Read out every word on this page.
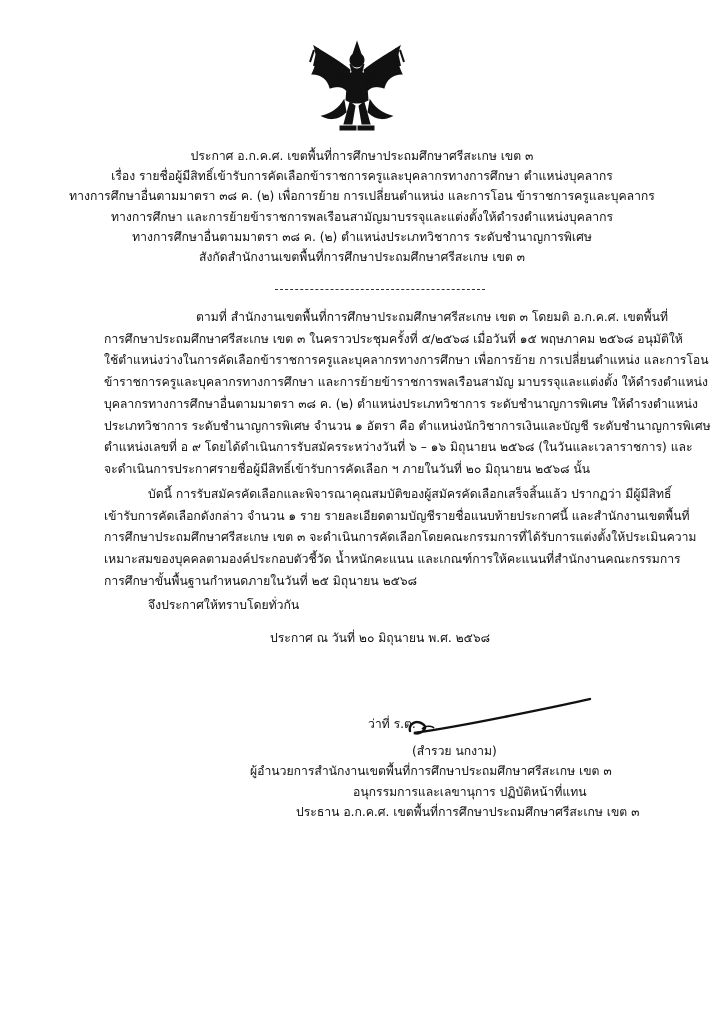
ประกาศ อ.ก.ค.ศ. เขตพื้นที่การศึกษาประถมศึกษาศรีสะเกษ เขต ๓
เรื่อง รายชื่อผู้มีสิทธิ์เข้ารับการคัดเลือกข้าราชการครูและบุคลากรทางการศึกษา ตำแหน่งบุคลากร
ทางการศึกษาอื่นตามมาตรา ๓๘ ค. (๒) เพื่อการย้าย การเปลี่ยนตำแหน่ง และการโอน ข้าราชการครูและบุคลากร
ทางการศึกษา และการย้ายข้าราชการพลเรือนสามัญมาบรรจุและแต่งตั้งให้ดำรงตำแหน่งบุคลากร
ทางการศึกษาอื่นตามมาตรา ๓๘ ค. (๒) ตำแหน่งประเภทวิชาการ ระดับชำนาญการพิเศษ
สังกัดสำนักงานเขตพื้นที่การศึกษาประถมศึกษาศรีสะเกษ เขต ๓
ตามที่ สำนักงานเขตพื้นที่การศึกษาประถมศึกษาศรีสะเกษ เขต ๓ โดยมติ อ.ก.ค.ศ. เขตพื้นที่
การศึกษาประถมศึกษาศรีสะเกษ เขต ๓ ในคราวประชุมครั้งที่ ๕/๒๕๖๘ เมื่อวันที่ ๑๕ พฤษภาคม ๒๕๖๘ อนุมัติให้
ใช้ตำแหน่งว่างในการคัดเลือกข้าราชการครูและบุคลากรทางการศึกษา เพื่อการย้าย การเปลี่ยนตำแหน่ง และการโอน
ข้าราชการครูและบุคลากรทางการศึกษา และการย้ายข้าราชการพลเรือนสามัญ มาบรรจุและแต่งตั้ง ให้ดำรงตำแหน่ง
บุคลากรทางการศึกษาอื่นตามมาตรา ๓๘ ค. (๒) ตำแหน่งประเภทวิชาการ ระดับชำนาญการพิเศษ ให้ดำรงตำแหน่ง
ประเภทวิชาการ ระดับชำนาญการพิเศษ จำนวน ๑ อัตรา คือ ตำแหน่งนักวิชาการเงินและบัญชี ระดับชำนาญการพิเศษ
ตำแหน่งเลขที่ อ ๙ โดยได้ดำเนินการรับสมัครระหว่างวันที่ ๖ – ๑๖ มิถุนายน ๒๕๖๘ (ในวันและเวลาราชการ) และ
จะดำเนินการประกาศรายชื่อผู้มีสิทธิ์เข้ารับการคัดเลือก ฯ ภายในวันที่ ๒๐ มิถุนายน ๒๕๖๘ นั้น
บัดนี้ การรับสมัครคัดเลือกและพิจารณาคุณสมบัติของผู้สมัครคัดเลือกเสร็จสิ้นแล้ว ปรากฏว่า มีผู้มีสิทธิ์
เข้ารับการคัดเลือกดังกล่าว จำนวน ๑ ราย รายละเอียดตามบัญชีรายชื่อแนบท้ายประกาศนี้ และสำนักงานเขตพื้นที่
การศึกษาประถมศึกษาศรีสะเกษ เขต ๓ จะดำเนินการคัดเลือกโดยคณะกรรมการที่ได้รับการแต่งตั้งให้ประเมินความ
เหมาะสมของบุคคลตามองค์ประกอบตัวชี้วัด น้ำหนักคะแนน และเกณฑ์การให้คะแนนที่สำนักงานคณะกรรมการ
การศึกษาขั้นพื้นฐานกำหนดภายในวันที่ ๒๕ มิถุนายน ๒๕๖๘
จึงประกาศให้ทราบโดยทั่วกัน
ประกาศ ณ วันที่ ๒๐ มิถุนายน พ.ศ. ๒๕๖๘
ว่าที่ ร.ต.
(สำรวย นกงาม)
ผู้อำนวยการสำนักงานเขตพื้นที่การศึกษาประถมศึกษาศรีสะเกษ เขต ๓
อนุกรรมการและเลขานุการ ปฏิบัติหน้าที่แทน
ประธาน อ.ก.ค.ศ. เขตพื้นที่การศึกษาประถมศึกษาศรีสะเกษ เขต ๓
